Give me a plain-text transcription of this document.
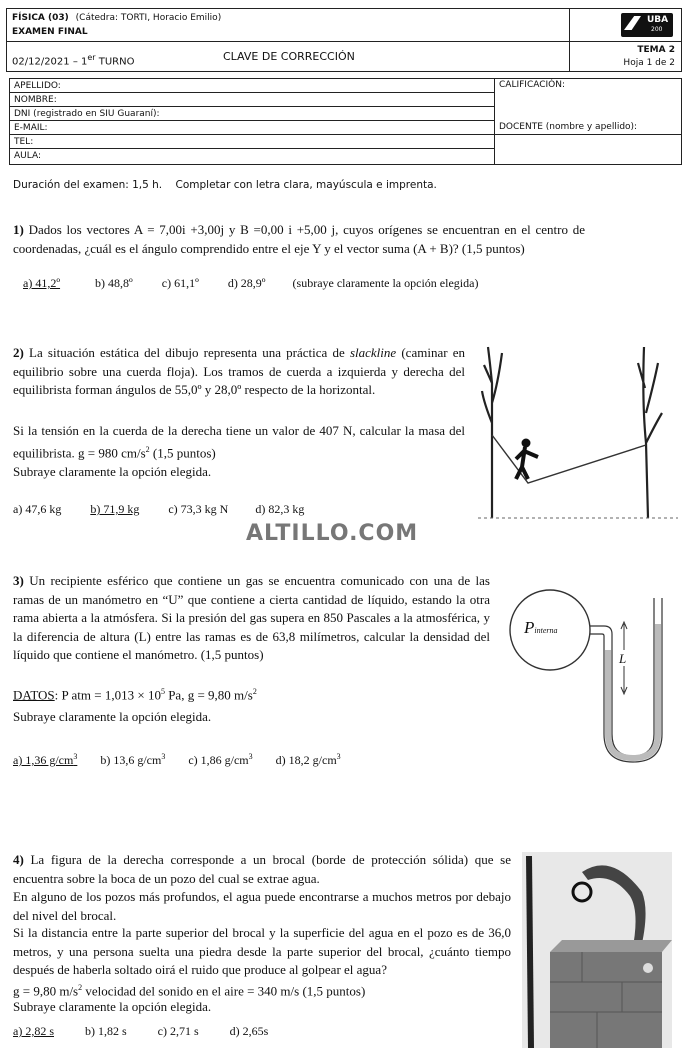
FÍSICA (03) (Cátedra: TORTI, Horacio Emilio)
EXAMEN FINAL
UBA
200
02/12/2021 – 1er TURNO	CLAVE DE CORRECCIÓN	TEMA 2
Hoja 1 de 2
APELLIDO:
NOMBRE:
DNI (registrado en SIU Guaraní):
E-MAIL:
TEL:
AULA:
CALIFICACIÓN:
DOCENTE (nombre y apellido):
Duración del examen: 1,5 h.    Completar con letra clara, mayúscula e imprenta.
1) Dados los vectores A = 7,00i +3,00j y B =0,00 i +5,00 j, cuyos orígenes se encuentran en el centro de coordenadas, ¿cuál es el ángulo comprendido entre el eje Y y el vector suma (A + B)? (1,5 puntos)
a) 41,2º	b) 48,8º c) 61,1º d) 28,9º (subraye claramente la opción elegida)
2) La situación estática del dibujo representa una práctica de slackline (caminar en equilibrio sobre una cuerda floja). Los tramos de cuerda a izquierda y derecha del equilibrista forman ángulos de 55,0º y 28,0º respecto de la horizontal.
Si la tensión en la cuerda de la derecha tiene un valor de 407 N, calcular la masa del equilibrista. g = 980 $cm/s^2$ (1,5 puntos)
Subraye claramente la opción elegida.
a) 47,6 kg b) 71,9 kg c) 73,3 kg N d) 82,3 kg
ALTILLO.COM
3) Un recipiente esférico que contiene un gas se encuentra comunicado con una de las ramas de un manómetro en “U” que contiene a cierta cantidad de líquido, estando la otra rama abierta a la atmósfera. Si la presión del gas supera en 850 Pascales a la atmosférica, y la diferencia de altura (L) entre las ramas es de 63,8 milímetros, calcular la densidad del líquido que contiene el manómetro. (1,5 puntos)
DATOS: P atm = $1,013 \times 10^5$ Pa, g = 9,80 $m/s^2$
Subraye claramente la opción elegida.
a) 1,36 $g/cm^3$ b) 13,6 $g/cm^3$ c) 1,86 $g/cm^3$ d) 18,2 $g/cm^3$
Pinterna
L
4) La figura de la derecha corresponde a un brocal (borde de protección sólida) que se encuentra sobre la boca de un pozo del cual se extrae agua.
En alguno de los pozos más profundos, el agua puede encontrarse a muchos metros por debajo del nivel del brocal.
Si la distancia entre la parte superior del brocal y la superficie del agua en el pozo es de 36,0 metros, y una persona suelta una piedra desde la parte superior del brocal, ¿cuánto tiempo después de haberla soltado oirá el ruido que produce al golpear el agua?
g = 9,80 $m/s^2$ velocidad del sonido en el aire = 340 m/s (1,5 puntos)
Subraye claramente la opción elegida.
a) 2,82 s	b) 1,82 s	c) 2,71 s	d) 2,65s
